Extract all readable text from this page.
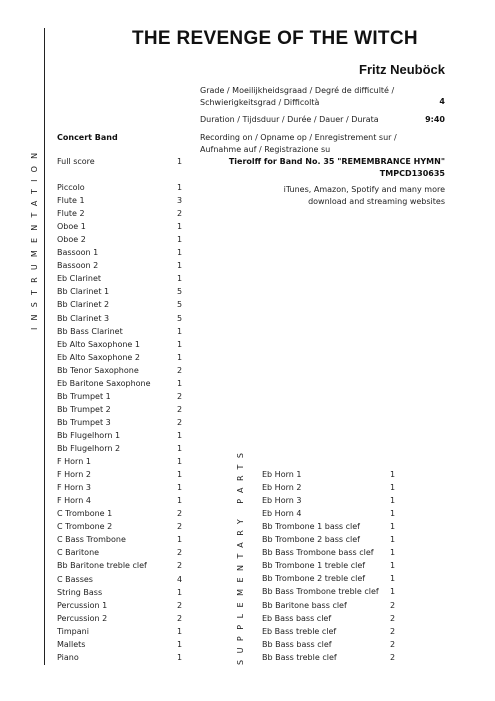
THE REVENGE OF THE WITCH
Fritz Neuböck
Grade / Moeilijkheidsgraad / Degré de difficulté /
Schwierigkeitsgrad / Difficoltà	4
Duration / Tijdsduur / Durée / Dauer / Durata	9:40
Recording on / Opname op / Enregistrement sur /
Aufnahme auf / Registrazione su
Tierolff for Band No. 35 "REMEMBRANCE HYMN"
TMPCD130635
iTunes, Amazon, Spotify and many more
download and streaming websites
INSTRUMENTATION
SUPPLEMENTARY PARTS
Concert Band
Full score	1
Piccolo	1
Flute 1	3
Flute 2	2
Oboe 1	1
Oboe 2	1
Bassoon 1	1
Bassoon 2	1
Eb Clarinet	1
Bb Clarinet 1	5
Bb Clarinet 2	5
Bb Clarinet 3	5
Bb Bass Clarinet	1
Eb Alto Saxophone 1	1
Eb Alto Saxophone 2	1
Bb Tenor Saxophone	2
Eb Baritone Saxophone	1
Bb Trumpet 1	2
Bb Trumpet 2	2
Bb Trumpet 3	2
Bb Flugelhorn 1	1
Bb Flugelhorn 2	1
F Horn 1	1
F Horn 2	1
F Horn 3	1
F Horn 4	1
C Trombone 1	2
C Trombone 2	2
C Bass Trombone	1
C Baritone	2
Bb Baritone treble clef	2
C Basses	4
String Bass	1
Percussion 1	2
Percussion 2	2
Timpani	1
Mallets	1
Piano	1
Eb Horn 1	1
Eb Horn 2	1
Eb Horn 3	1
Eb Horn 4	1
Bb Trombone 1 bass clef	1
Bb Trombone 2 bass clef	1
Bb Bass Trombone bass clef 1
Bb Trombone 1 treble clef	1
Bb Trombone 2 treble clef	1
Bb Bass Trombone treble clef 1
Bb Baritone bass clef	2
Eb Bass bass clef	2
Eb Bass treble clef	2
Bb Bass bass clef	2
Bb Bass treble clef	2
